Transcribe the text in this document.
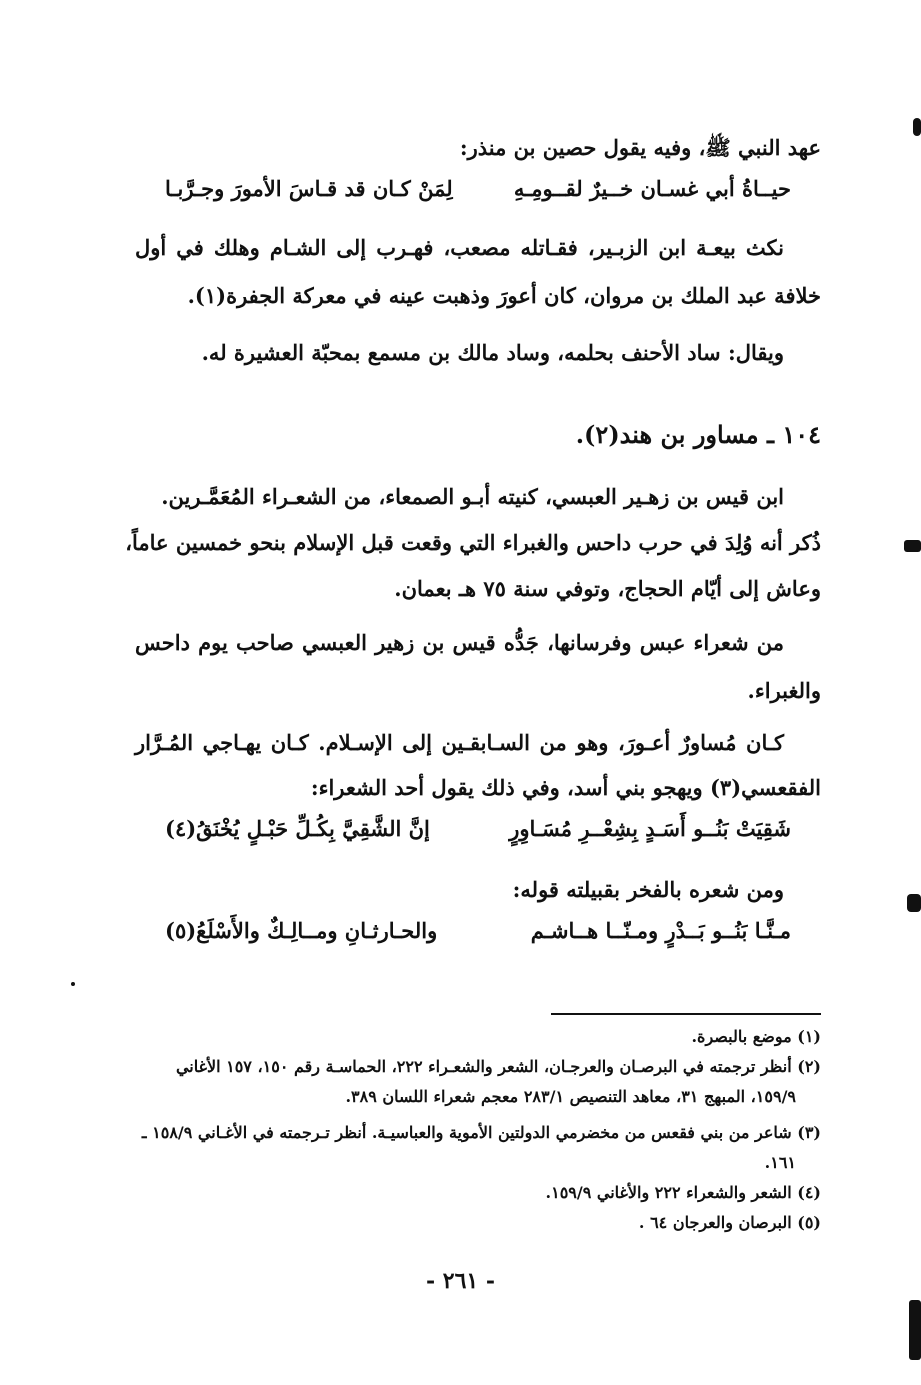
عهد النبي ﷺ، وفيه يقول حصين بن منذر:
حيــاةُ أبي غسـان خــيرٌ لقــومِـهِ
لِمَنْ كـان قد قـاسَ الأمورَ وجـرَّبـا
نكث بيعـة ابن الزبـير، فقـاتله مصعب، فهـرب إلى الشـام وهلك في أول
خلافة عبد الملك بن مروان، كان أعورَ وذهبت عينه في معركة الجفرة(١).
ويقال: ساد الأحنف بحلمه، وساد مالك بن مسمع بمحبّة العشيرة له.
١٠٤ ـ مساور بن هند(٢).
ابن قيس بن زهـير العبسي، كنيته أبـو الصمعاء، من الشعـراء المُعَمَّـرين.
ذُكر أنه وُلِدَ في حرب داحس والغبراء التي وقعت قبل الإسلام بنحو خمسين عاماً،
وعاش إلى أيّام الحجاج، وتوفي سنة ٧٥ هـ بعمان.
من شعراء عبس وفرسانها، جَدُّه قيس بن زهير العبسي صاحب يوم داحس
والغبراء.
كـان مُساورٌ أعـورَ، وهو من السـابقـين إلى الإسـلام. كـان يهـاجي المُـرَّار
الفقعسي(٣) ويهجو بني أسد، وفي ذلك يقول أحد الشعراء:
شَقِيَتْ بَنُــو أَسَـدٍ بِشِعْــرِ مُسَـاوِرٍ
إنَّ الشَّقِيَّ بِكُـلِّ حَبْـلٍ يُخْنَقُ(٤)
ومن شعره بالفخر بقبيلته قوله:
مـنَّـا بَنُــو بَــدْرٍ ومـنّــا هــاشـم
والحـارثـانِ ومــالِـكٌ والأَسْلَعُ(٥)
(١) موضع بالبصرة.
(٢) أنظر ترجمته في البرصـان والعرجـان، الشعر والشعـراء ٢٢٢، الحماسـة رقم ١٥٠، ١٥٧ الأغاني
١٥٩/٩، المبهج ٣١، معاهد التنصيص ٢٨٣/١ معجم شعراء اللسان ٣٨٩.
(٣) شاعر من بني فقعس من مخضرمي الدولتين الأموية والعباسيـة. أنظر تـرجمته في الأغـاني ١٥٨/٩ ـ
١٦١.
(٤) الشعر والشعراء ٢٢٢ والأغاني ١٥٩/٩.
(٥) البرصان والعرجان ٦٤ .
- ٢٦١ -
